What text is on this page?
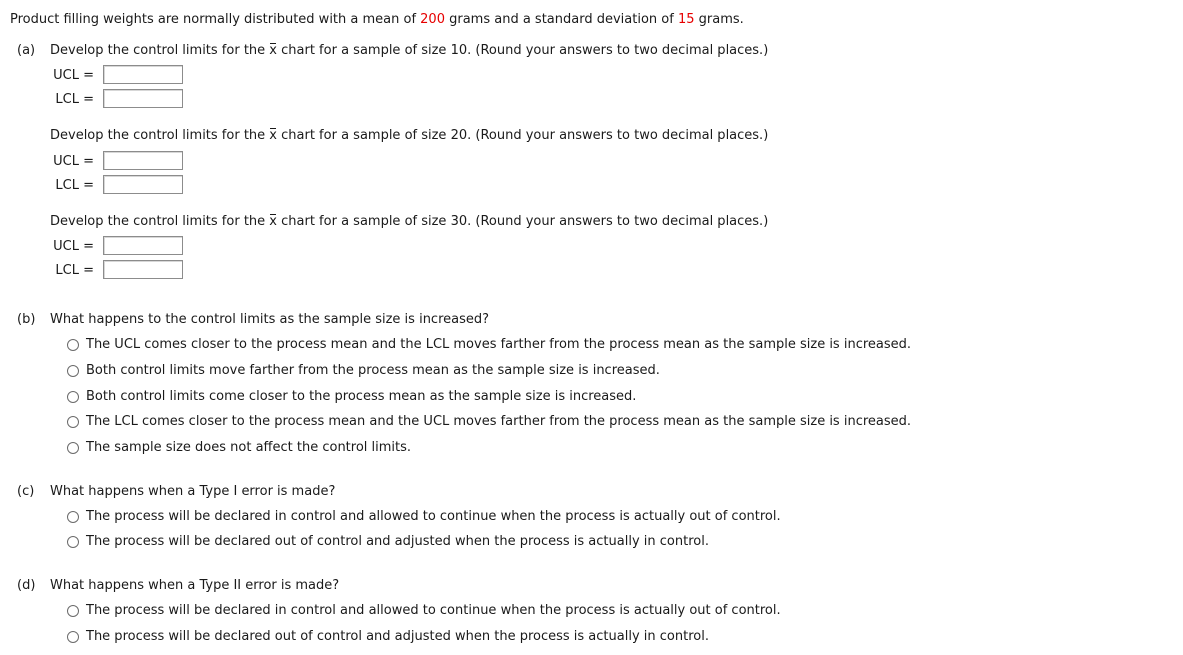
Product filling weights are normally distributed with a mean of 200 grams and a standard deviation of 15 grams.
(a) Develop the control limits for the x chart for a sample of size 10. (Round your answers to two decimal places.)
UCL =
LCL =
Develop the control limits for the x chart for a sample of size 20. (Round your answers to two decimal places.)
UCL =
LCL =
Develop the control limits for the x chart for a sample of size 30. (Round your answers to two decimal places.)
UCL =
LCL =
(b) What happens to the control limits as the sample size is increased?
The UCL comes closer to the process mean and the LCL moves farther from the process mean as the sample size is increased.
Both control limits move farther from the process mean as the sample size is increased.
Both control limits come closer to the process mean as the sample size is increased.
The LCL comes closer to the process mean and the UCL moves farther from the process mean as the sample size is increased.
The sample size does not affect the control limits.
(c) What happens when a Type I error is made?
The process will be declared in control and allowed to continue when the process is actually out of control.
The process will be declared out of control and adjusted when the process is actually in control.
(d) What happens when a Type II error is made?
The process will be declared in control and allowed to continue when the process is actually out of control.
The process will be declared out of control and adjusted when the process is actually in control.
